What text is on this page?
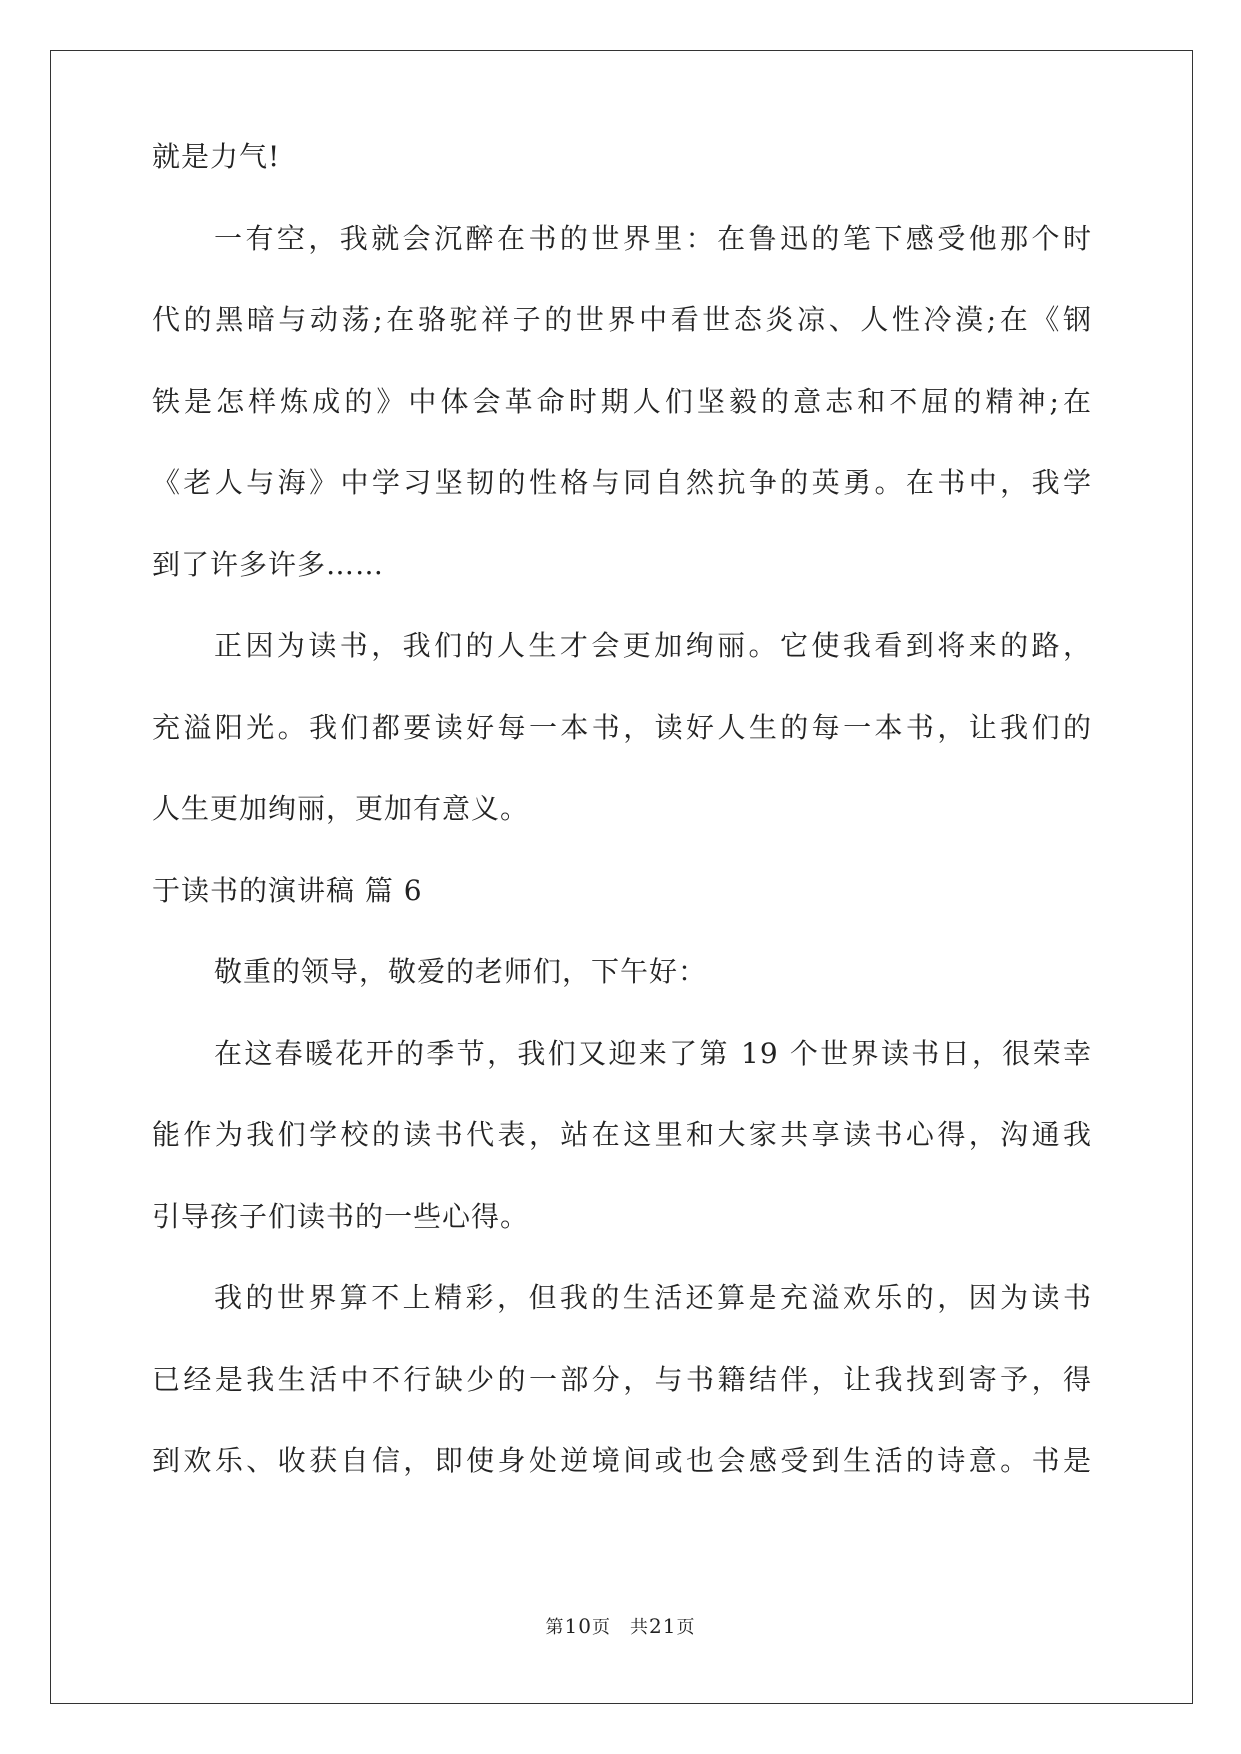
就是力气!
一有空，我就会沉醉在书的世界里：在鲁迅的笔下感受他那个时
代的黑暗与动荡;在骆驼祥子的世界中看世态炎凉、人性冷漠;在《钢
铁是怎样炼成的》中体会革命时期人们坚毅的意志和不屈的精神;在
《老人与海》中学习坚韧的性格与同自然抗争的英勇。在书中，我学
到了许多许多……
正因为读书，我们的人生才会更加绚丽。它使我看到将来的路，
充溢阳光。我们都要读好每一本书，读好人生的每一本书，让我们的
人生更加绚丽，更加有意义。
于读书的演讲稿 篇 6
敬重的领导，敬爱的老师们，下午好：
在这春暖花开的季节，我们又迎来了第 19 个世界读书日，很荣幸
能作为我们学校的读书代表，站在这里和大家共享读书心得，沟通我
引导孩子们读书的一些心得。
我的世界算不上精彩，但我的生活还算是充溢欢乐的，因为读书
已经是我生活中不行缺少的一部分，与书籍结伴，让我找到寄予，得
到欢乐、收获自信，即使身处逆境间或也会感受到生活的诗意。书是
第10页　共21页
